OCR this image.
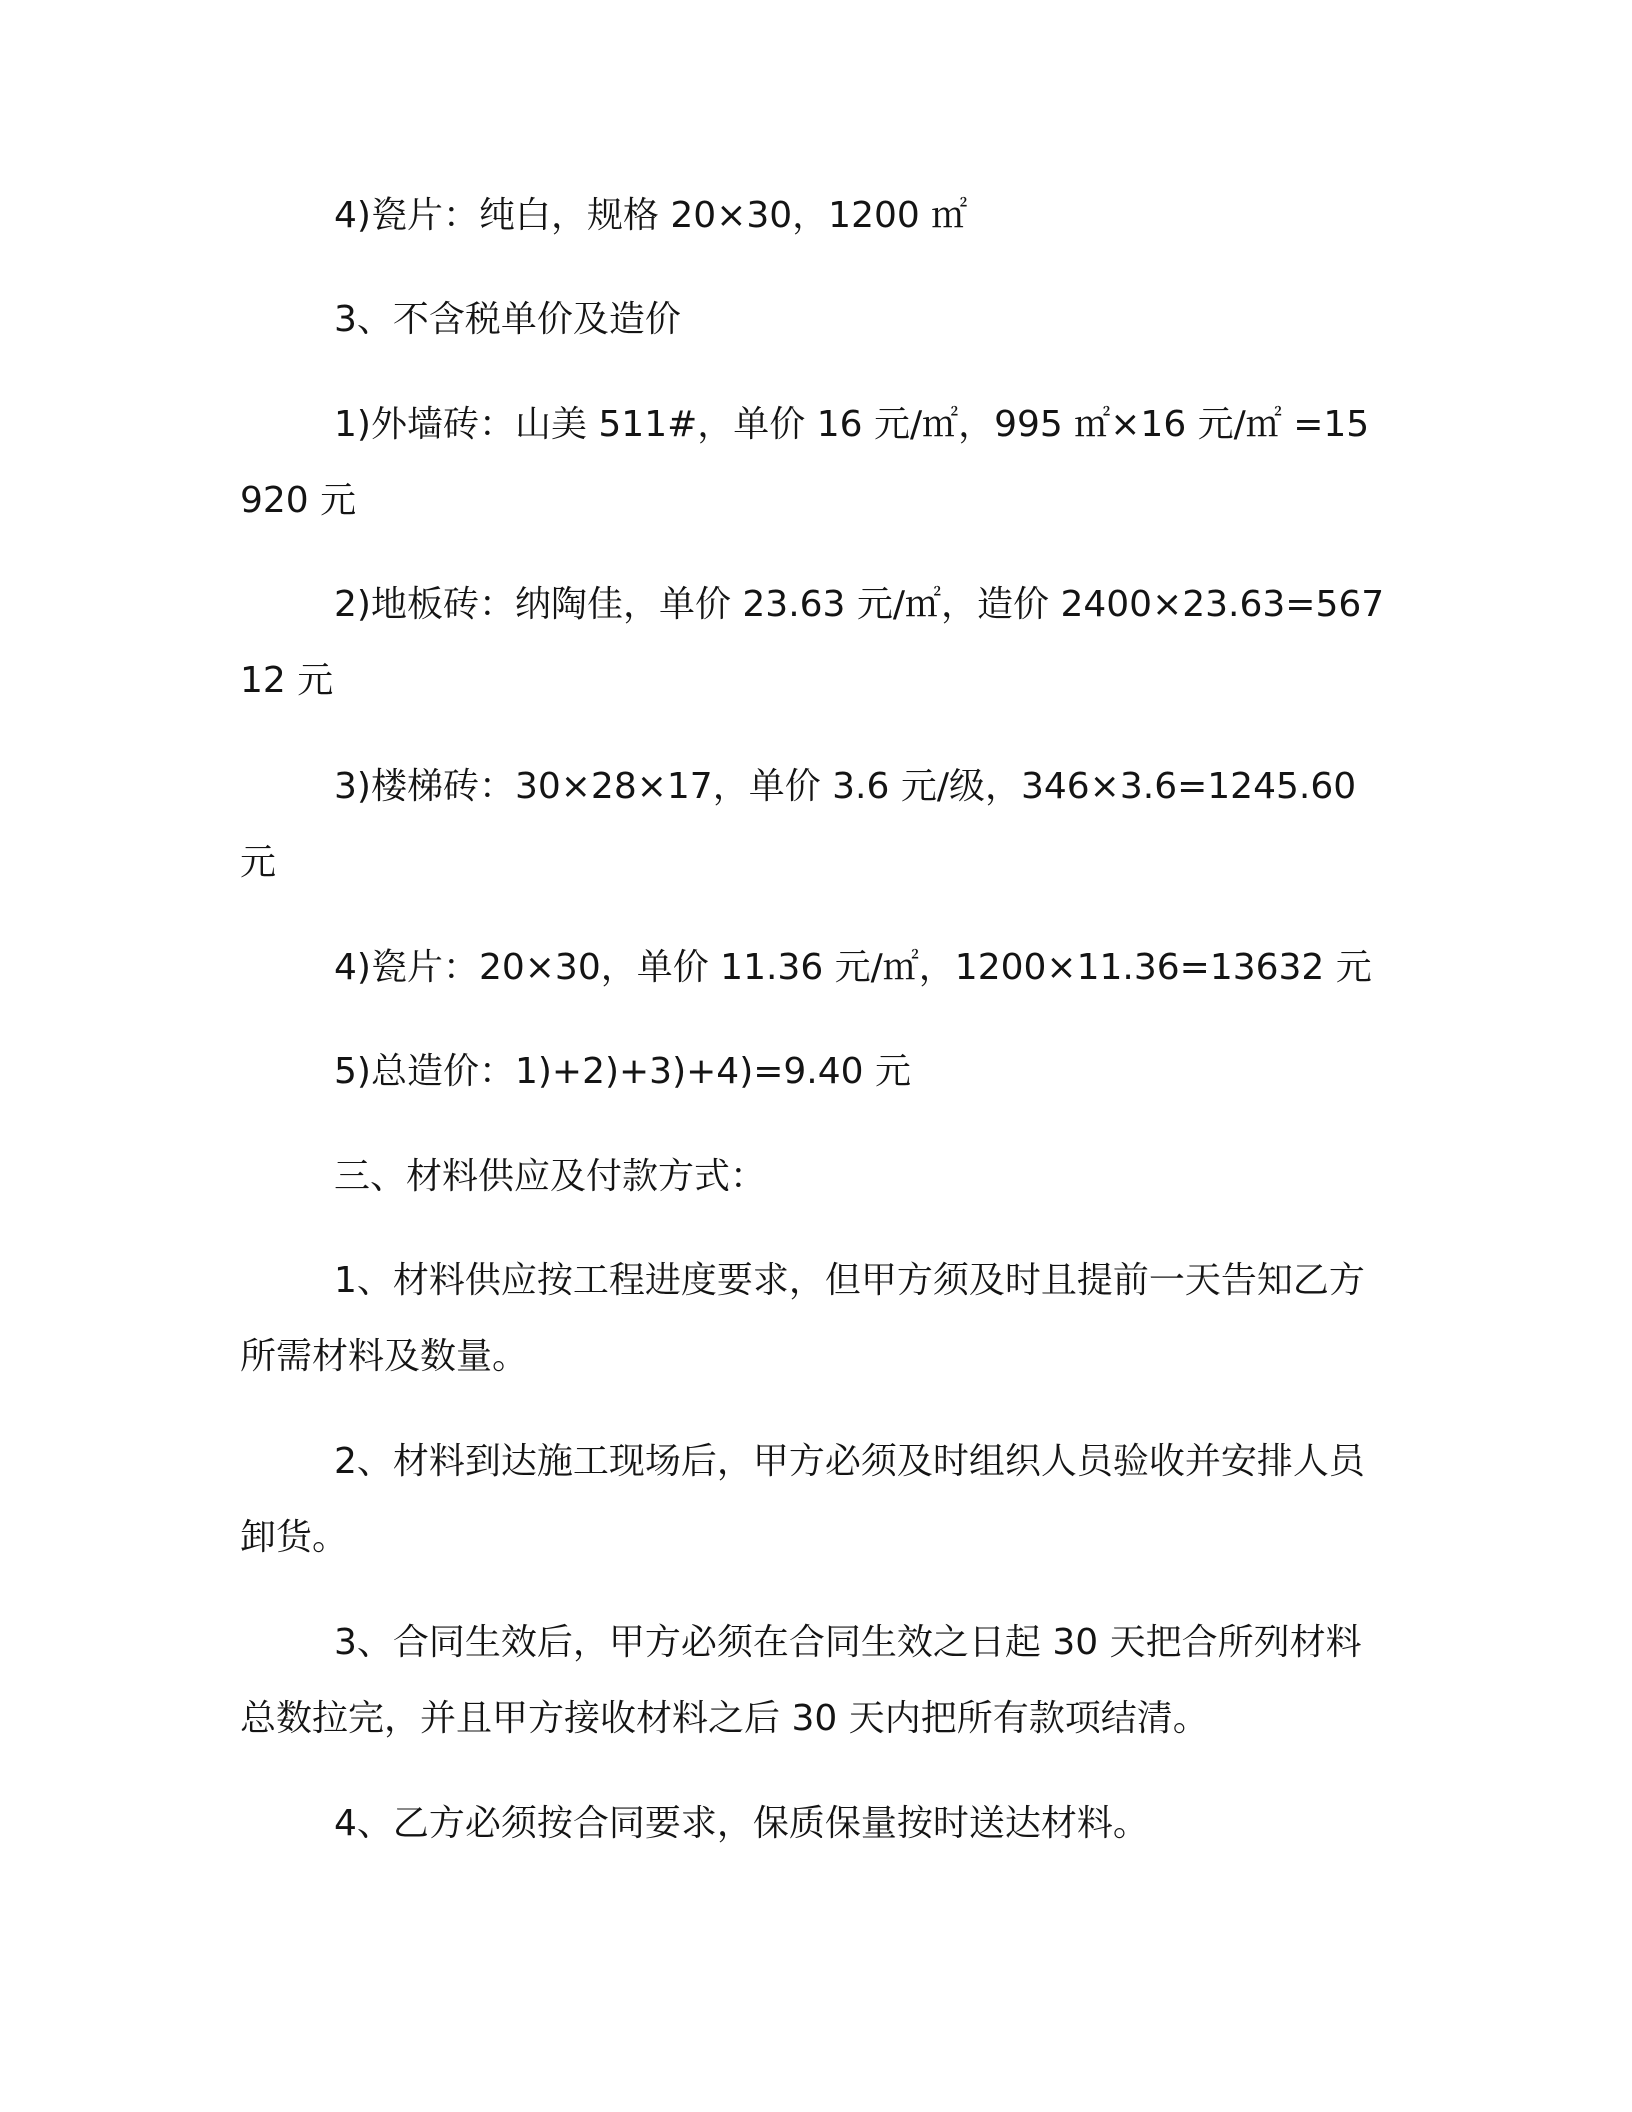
4)瓷片：纯白，规格 20×30，1200 ㎡

3、不含税单价及造价

1)外墙砖：山美 511#，单价 16 元/㎡，995 ㎡×16 元/㎡ =15920 元

2)地板砖：纳陶佳，单价 23.63 元/㎡，造价 2400×23.63=56712 元

3)楼梯砖：30×28×17，单价 3.6 元/级，346×3.6=1245.60 元

4)瓷片：20×30，单价 11.36 元/㎡，1200×11.36=13632 元

5)总造价：1)+2)+3)+4)=9.40 元

三、材料供应及付款方式：

1、材料供应按工程进度要求，但甲方须及时且提前一天告知乙方所需材料及数量。

2、材料到达施工现场后，甲方必须及时组织人员验收并安排人员卸货。

3、合同生效后，甲方必须在合同生效之日起 30 天把合所列材料总数拉完，并且甲方接收材料之后 30 天内把所有款项结清。

4、乙方必须按合同要求，保质保量按时送达材料。
